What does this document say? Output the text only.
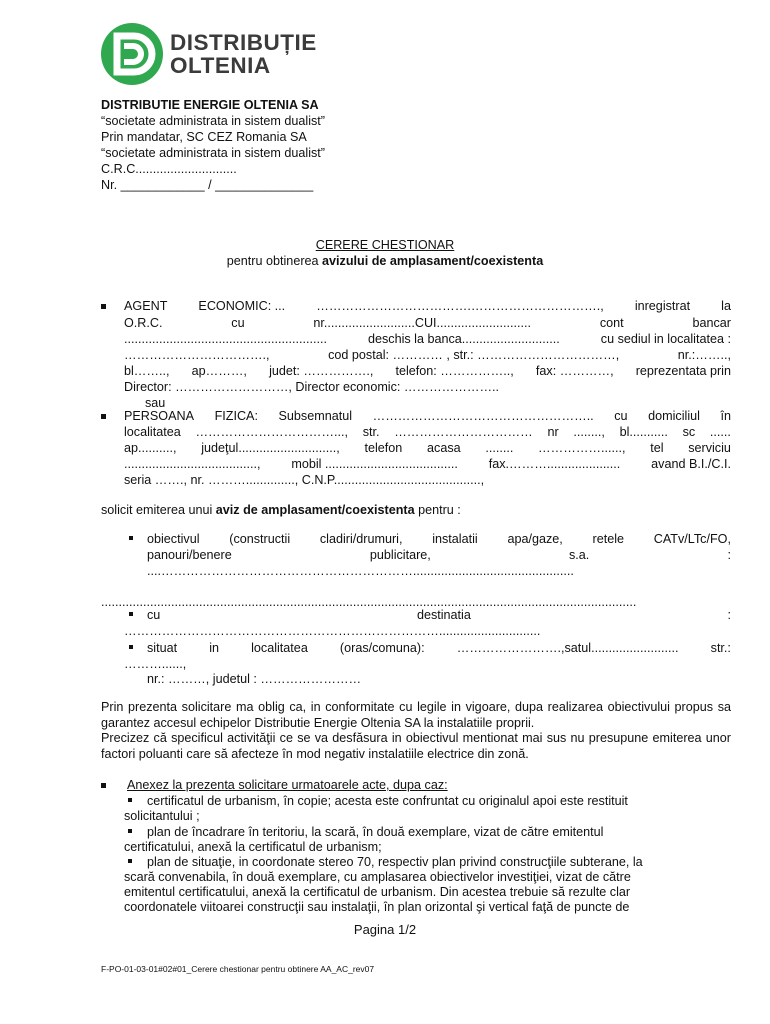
DISTRIBUȚIE
OLTENIA
DISTRIBUTIE ENERGIE OLTENIA SA
“societate administrata in sistem dualist”
Prin mandatar, SC CEZ Romania SA
“societate administrata in sistem dualist”
C.R.C.............................
Nr. ____________ / ______________
CERERE CHESTIONAR
pentru obtinerea avizului de amplasament/coexistenta
AGENT ECONOMIC: ... ……………………………….…………………………., inregistrat la
O.R.C.	cu	nr..........................CUI...........................	cont	bancar
..........................................................	deschis la banca............................	cu sediul in localitatea :
…………………………….,	cod postal: ………… , str.: ……………………………,	nr.:……..,
bl…….., ap………, judet: ……………., telefon: …………….., fax: …………, reprezentata prin
Director: ………………………, Director economic: …………………..
sau
PERSOANA FIZICA: Subsemnatul …………………………………………….. cu domiciliul în
localitatea ……………………………..., str. …………………………… nr ........, bl........... sc ......
ap.........., judeţul............................, telefon acasa ........ ……………......, tel serviciu
......................................, mobil ...................................... fax.………..................... avand B.I./C.I.
seria ……., nr. ……….............., C.N.P..........................................,
solicit emiterea unui aviz de amplasament/coexistenta pentru :
obiectivul (constructii cladiri/drumuri, instalatii apa/gaze, retele CATv/LTc/FO,
panouri/benere	publicitare,	s.a.	:
....……………………………………………………..............................................
.........................................................................................................................................................
cu	destinatia	:
………………………………………………………………….............................
situat	in	localitatea	(oras/comuna):	…………………….,satul.........................	str.:
………......,
nr.: ………, judetul : ……………………
Prin prezenta solicitare ma oblig ca, in conformitate cu legile in vigoare, dupa realizarea obiectivului propus sa garantez accesul echipelor Distributie Energie Oltenia SA la instalatiile proprii.
Precizez că specificul activităţii ce se va desfăsura in obiectivul mentionat mai sus nu presupune emiterea unor factori poluanti care să afecteze în mod negativ instalatiile electrice din zonă.
Anexez la prezenta solicitare urmatoarele acte, dupa caz:
certificatul de urbanism, în copie; acesta este confruntat cu originalul apoi este restituit
solicitantului ;
plan de încadrare în teritoriu, la scară, în două exemplare, vizat de către emitentul
certificatului, anexă la certificatul de urbanism;
plan de situaţie, in coordonate stereo 70, respectiv plan privind construcţiile subterane, la
scară convenabila, în două exemplare, cu amplasarea obiectivelor investiţiei, vizat de către
emitentul certificatului, anexă la certificatul de urbanism. Din acestea trebuie să rezulte clar
coordonatele viitoarei construcţii sau instalaţii, în plan orizontal şi vertical faţă de puncte de
Pagina 1/2
F-PO-01-03-01#02#01_Cerere chestionar pentru obtinere AA_AC_rev07
